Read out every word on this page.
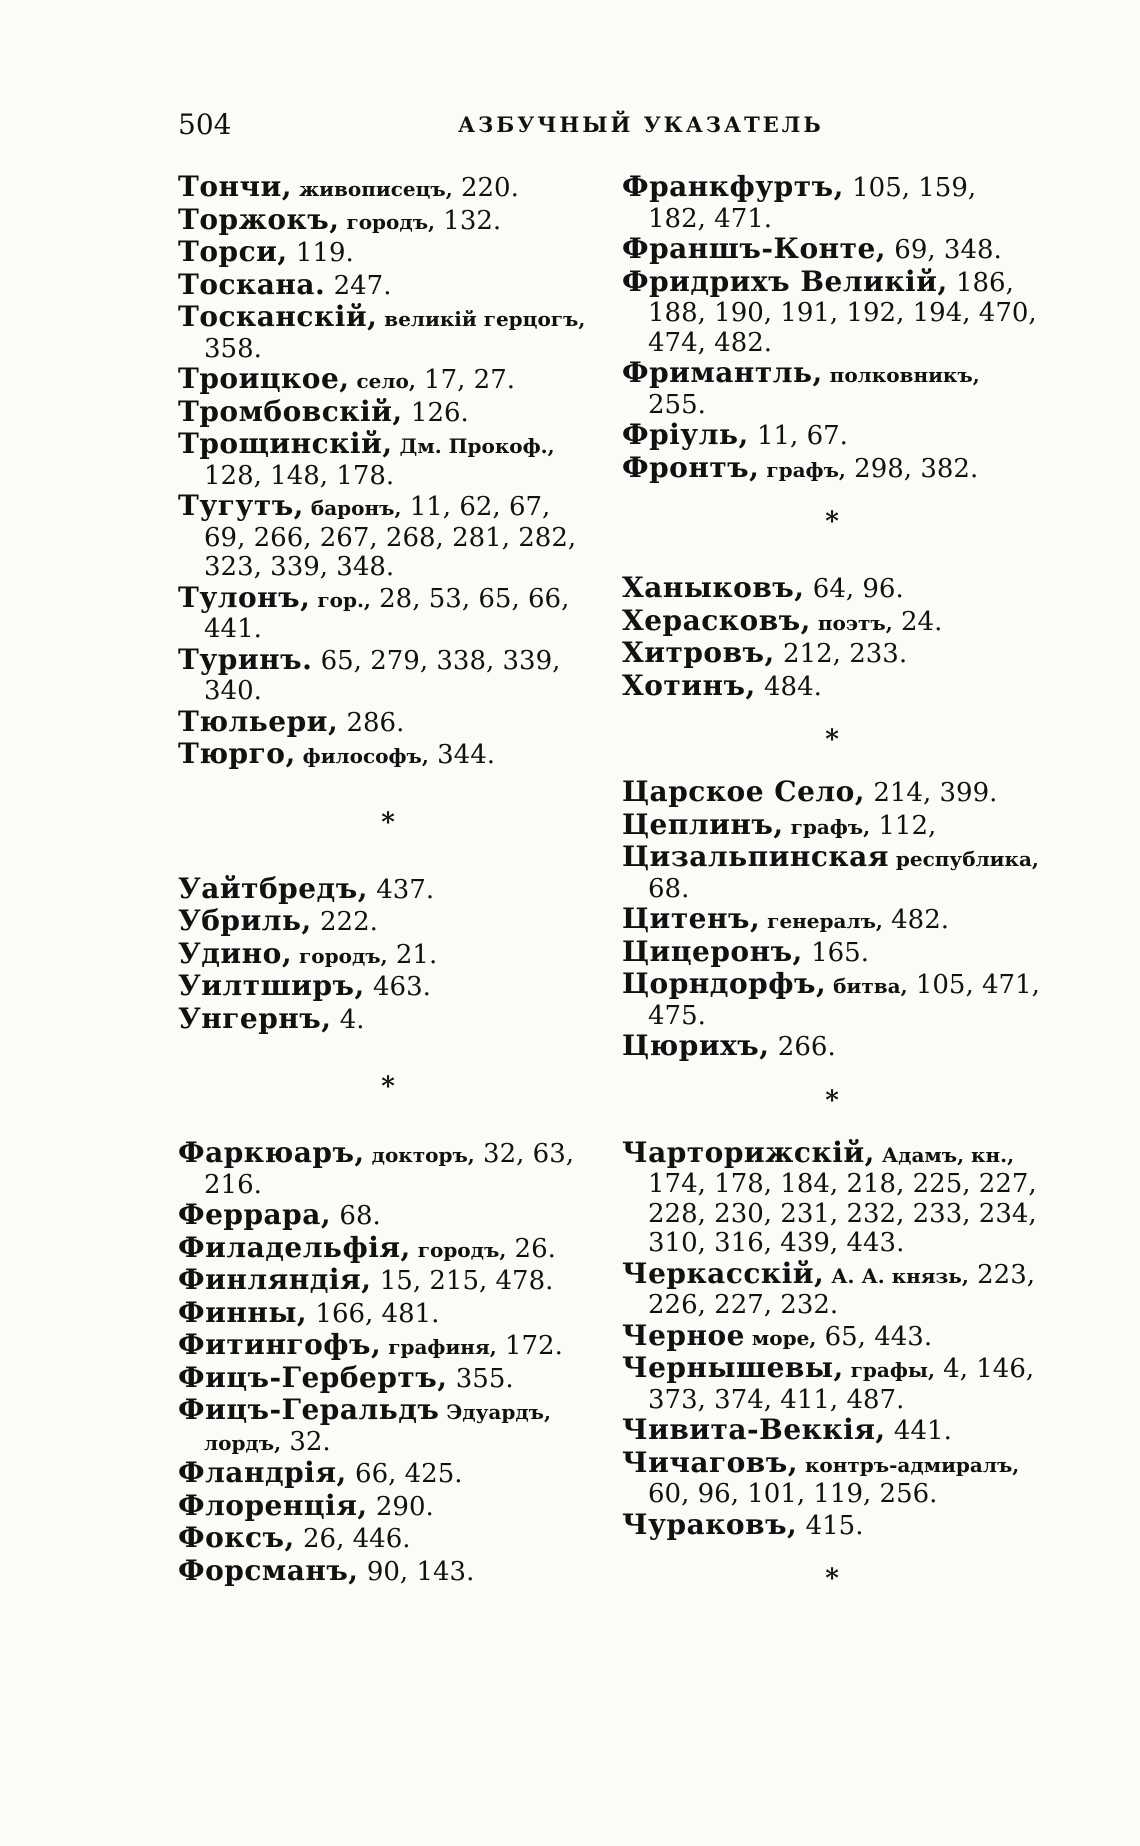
504	АЗБУЧНЫЙ УКАЗАТЕЛЬ
Тончи, живописецъ, 220.
Торжокъ, городъ, 132.
Торси, 119.
Тоскана. 247.
Тосканскій, великій герцогъ, 358.
Троицкое, село, 17, 27.
Тромбовскій, 126.
Трощинскій, Дм. Прокоф., 128, 148, 178.
Тугутъ, баронъ, 11, 62, 67, 69, 266, 267, 268, 281, 282, 323, 339, 348.
Тулонъ, гор., 28, 53, 65, 66, 441.
Туринъ. 65, 279, 338, 339, 340.
Тюльери, 286.
Тюрго, философъ, 344.
*
Уайтбредъ, 437.
Убриль, 222.
Удино, городъ, 21.
Уилтширъ, 463.
Унгернъ, 4.
*
Фаркюаръ, докторъ, 32, 63, 216.
Феррара, 68.
Филадельфія, городъ, 26.
Финляндія, 15, 215, 478.
Финны, 166, 481.
Фитингофъ, графиня, 172.
Фицъ-Гербертъ, 355.
Фицъ-Геральдъ Эдуардъ, лордъ, 32.
Фландрія, 66, 425.
Флоренція, 290.
Фоксъ, 26, 446.
Форсманъ, 90, 143.
Франкфуртъ, 105, 159, 182, 471.
Франшъ-Конте, 69, 348.
Фридрихъ Великій, 186, 188, 190, 191, 192, 194, 470, 474, 482.
Фримантль, полковникъ, 255.
Фріуль, 11, 67.
Фронтъ, графъ, 298, 382.
*
Ханыковъ, 64, 96.
Херасковъ, поэтъ, 24.
Хитровъ, 212, 233.
Хотинъ, 484.
*
Царское Село, 214, 399.
Цеплинъ, графъ, 112,
Цизальпинская республика, 68.
Цитенъ, генералъ, 482.
Цицеронъ, 165.
Цорндорфъ, битва, 105, 471, 475.
Цюрихъ, 266.
*
Чарторижскій, Адамъ, кн., 174, 178, 184, 218, 225, 227, 228, 230, 231, 232, 233, 234, 310, 316, 439, 443.
Черкасскій, А. А. князь, 223, 226, 227, 232.
Черное море, 65, 443.
Чернышевы, графы, 4, 146, 373, 374, 411, 487.
Чивита-Веккія, 441.
Чичаговъ, контръ-адмиралъ, 60, 96, 101, 119, 256.
Чураковъ, 415.
*
